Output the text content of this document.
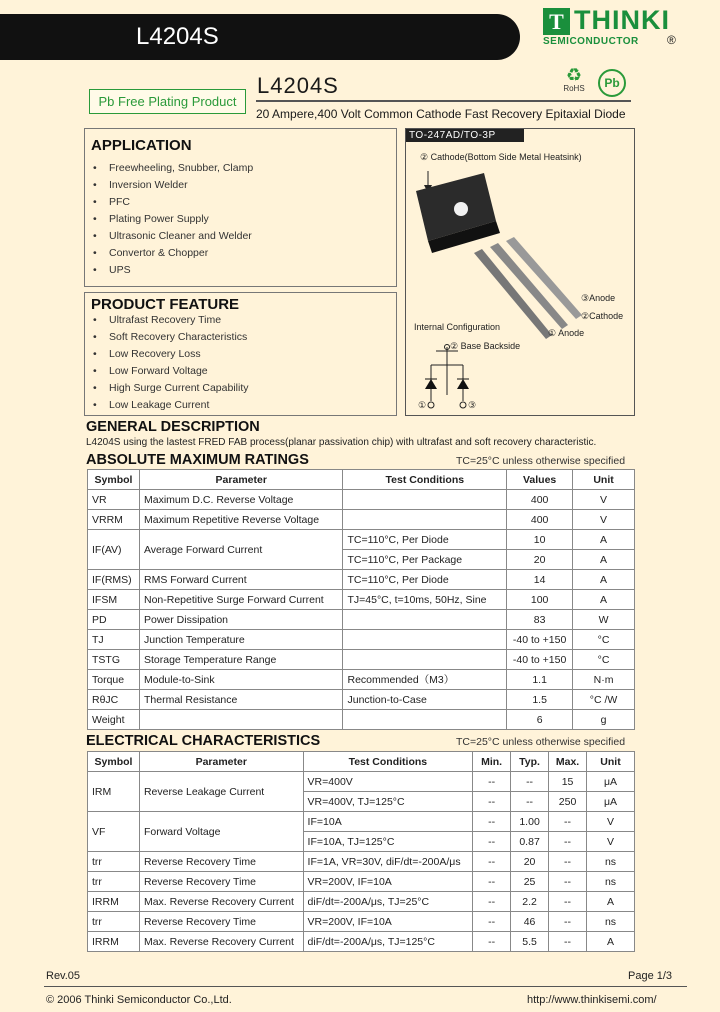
L4204S
T THINKI
SEMICONDUCTOR ®
Pb Free Plating Product
L4204S
20 Ampere,400 Volt Common Cathode Fast Recovery Epitaxial Diode
♻
RoHS	Pb
APPLICATION
• Freewheeling, Snubber, Clamp
• Inversion Welder
• PFC
• Plating Power Supply
• Ultrasonic Cleaner and Welder
• Convertor & Chopper
• UPS
PRODUCT FEATURE
• Ultrafast Recovery Time
• Soft Recovery Characteristics
• Low Recovery Loss
• Low Forward Voltage
• High Surge Current Capability
• Low Leakage Current
TO-247AD/TO-3P
② Cathode(Bottom Side Metal Heatsink)
③Anode
②Cathode
① Anode
Internal Configuration
② Base Backside
①	③
GENERAL DESCRIPTION
L4204S using the lastest FRED FAB process(planar passivation chip) with ultrafast and soft recovery characteristic.
ABSOLUTE MAXIMUM RATINGS	TC=25°C unless otherwise specified
Symbol	Parameter	Test Conditions	Values	Unit
VR	Maximum D.C. Reverse Voltage		400	V
VRRM	Maximum Repetitive Reverse Voltage		400	V
IF(AV)	Average Forward Current	TC=110°C, Per Diode	10	A
		TC=110°C, Per Package	20	A
IF(RMS)	RMS Forward Current	TC=110°C, Per Diode	14	A
IFSM	Non-Repetitive Surge Forward Current	TJ=45°C, t=10ms, 50Hz, Sine	100	A
PD	Power Dissipation		83	W
TJ	Junction Temperature		-40 to +150	°C
TSTG	Storage Temperature Range		-40 to +150	°C
Torque	Module-to-Sink	Recommended（M3）	1.1	N·m
RθJC	Thermal Resistance	Junction-to-Case	1.5	°C /W
Weight			6	g
ELECTRICAL CHARACTERISTICS	TC=25°C unless otherwise specified
Symbol	Parameter	Test Conditions	Min.	Typ.	Max.	Unit
IRM	Reverse Leakage Current	VR=400V	--	--	15	μA
		VR=400V, TJ=125°C	--	--	250	μA
VF	Forward Voltage	IF=10A	--	1.00	--	V
		IF=10A, TJ=125°C	--	0.87	--	V
trr	Reverse Recovery Time	IF=1A, VR=30V, diF/dt=-200A/μs	--	20	--	ns
trr	Reverse Recovery Time	VR=200V, IF=10A	--	25	--	ns
IRRM	Max. Reverse Recovery Current	diF/dt=-200A/μs, TJ=25°C	--	2.2	--	A
trr	Reverse Recovery Time	VR=200V, IF=10A	--	46	--	ns
IRRM	Max. Reverse Recovery Current	diF/dt=-200A/μs, TJ=125°C	--	5.5	--	A
Rev.05	Page 1/3
© 2006 Thinki Semiconductor Co.,Ltd.	http://www.thinkisemi.com/
